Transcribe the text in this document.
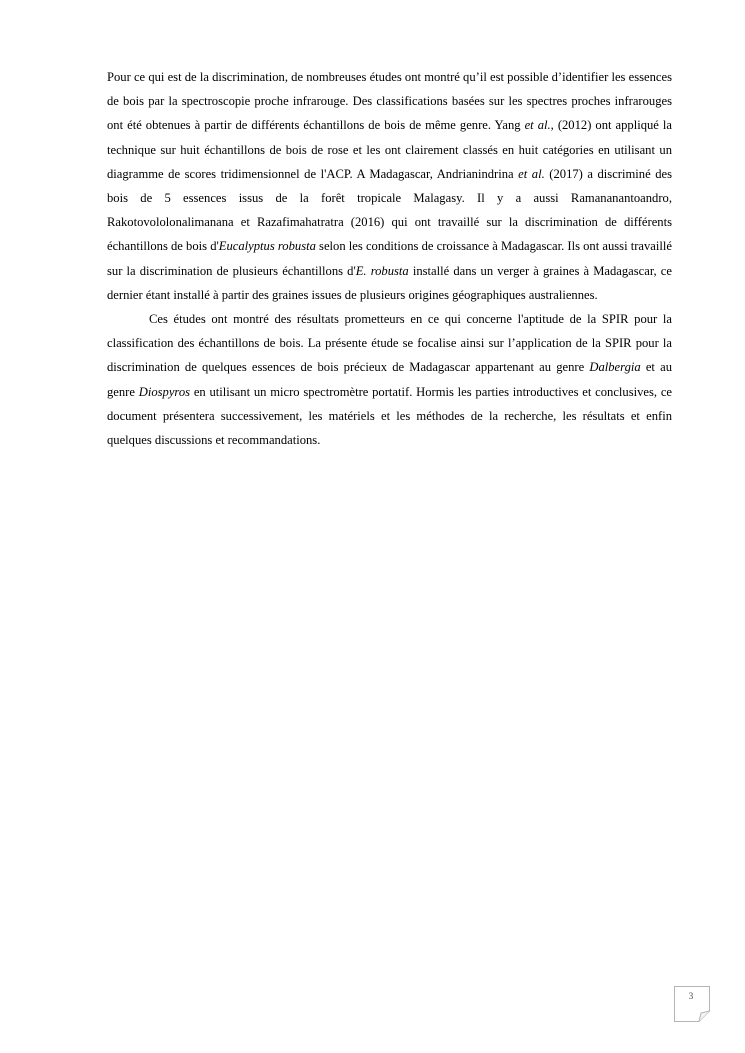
Pour ce qui est de la discrimination, de nombreuses études ont montré qu’il est possible d’identifier les essences de bois par la spectroscopie proche infrarouge. Des classifications basées sur les spectres proches infrarouges ont été obtenues à partir de différents échantillons de bois de même genre. Yang et al., (2012) ont appliqué la technique sur huit échantillons de bois de rose et les ont clairement classés en huit catégories en utilisant un diagramme de scores tridimensionnel de l'ACP. A Madagascar, Andrianindrina et al. (2017) a discriminé des bois de 5 essences issus de la forêt tropicale Malagasy. Il y a aussi Ramananantoandro, Rakotovololonalimanana et Razafimahatratra (2016) qui ont travaillé sur la discrimination de différents échantillons de bois d'Eucalyptus robusta selon les conditions de croissance à Madagascar. Ils ont aussi travaillé sur la discrimination de plusieurs échantillons d'E. robusta installé dans un verger à graines à Madagascar, ce dernier étant installé à partir des graines issues de plusieurs origines géographiques australiennes.

Ces études ont montré des résultats prometteurs en ce qui concerne l'aptitude de la SPIR pour la classification des échantillons de bois. La présente étude se focalise ainsi sur l’application de la SPIR pour la discrimination de quelques essences de bois précieux de Madagascar appartenant au genre Dalbergia et au genre Diospyros en utilisant un micro spectromètre portatif. Hormis les parties introductives et conclusives, ce document présentera successivement, les matériels et les méthodes de la recherche, les résultats et enfin quelques discussions et recommandations.

3
